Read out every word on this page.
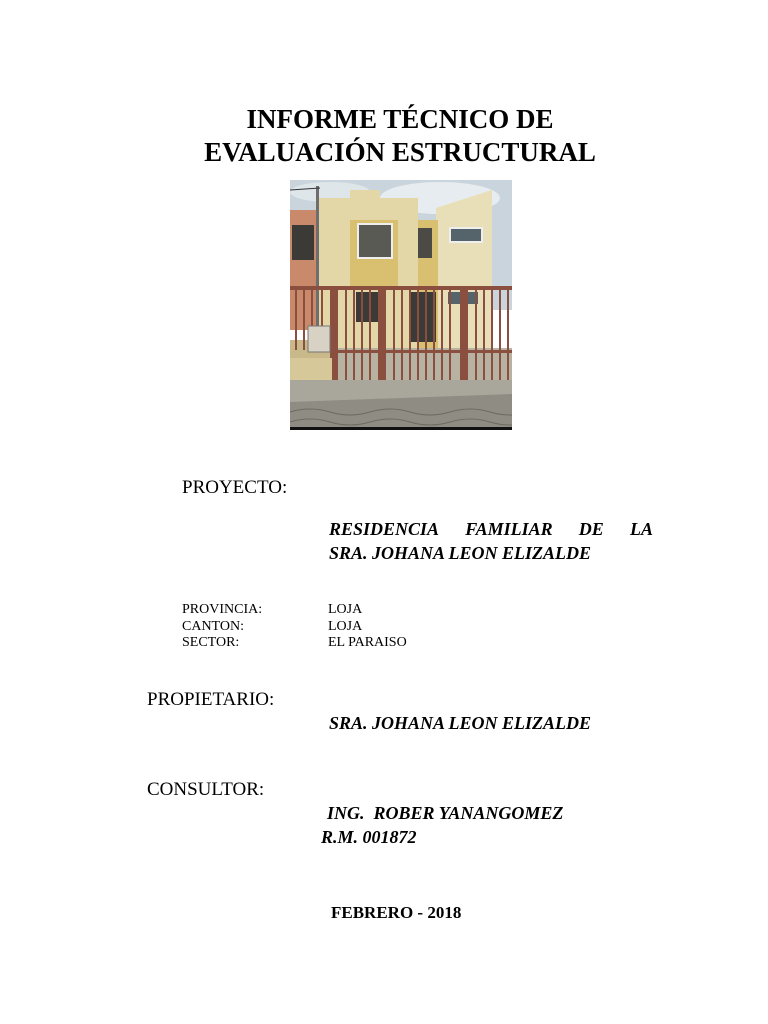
INFORME TÉCNICO DE
EVALUACIÓN ESTRUCTURAL
PROYECTO:
RESIDENCIA FAMILIAR DE LA
SRA. JOHANA LEON ELIZALDE
PROVINCIA:	LOJA
CANTON:	LOJA
SECTOR:	EL PARAISO
PROPIETARIO:
SRA. JOHANA LEON ELIZALDE
CONSULTOR:
ING.  ROBER YANANGOMEZ
R.M. 001872
FEBRERO - 2018
